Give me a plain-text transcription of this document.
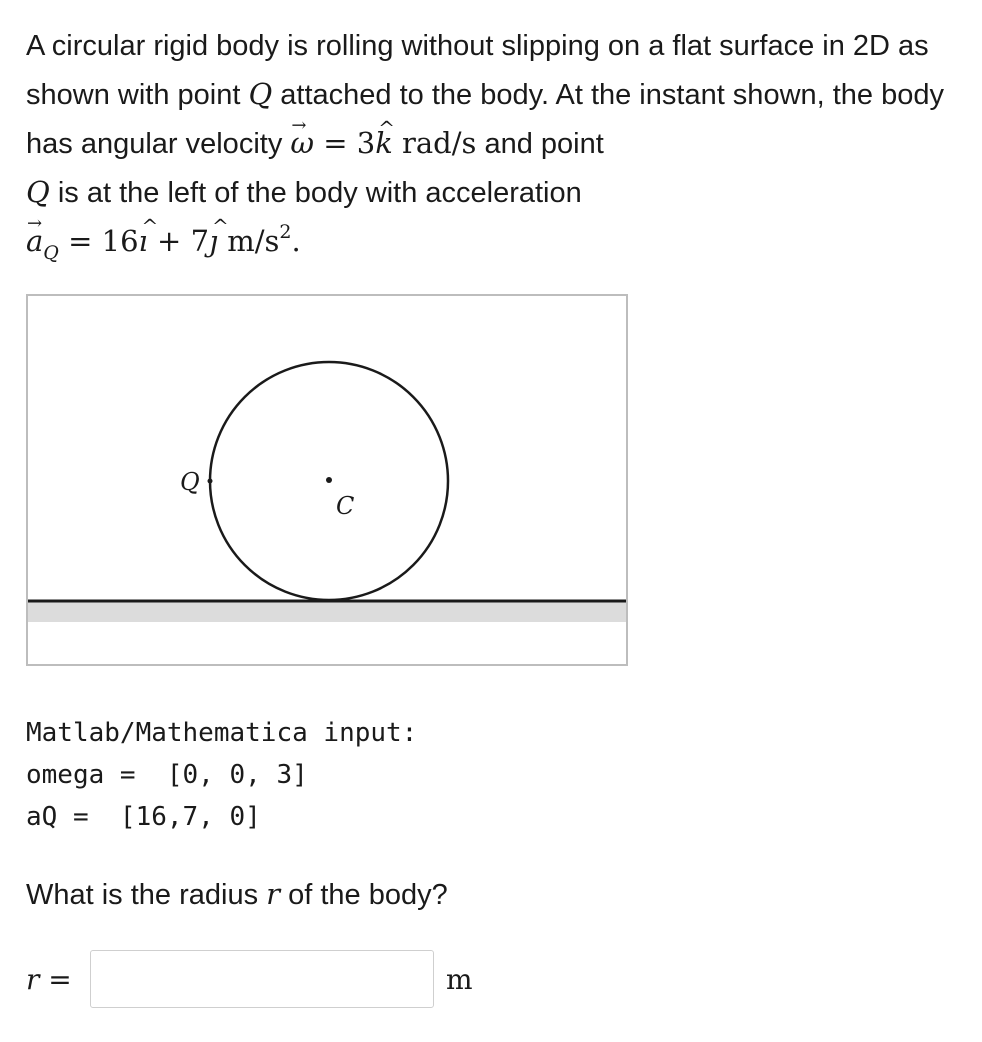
A circular rigid body is rolling without slipping on a flat surface in 2D as shown with point Q attached to the body. At the instant shown, the body has angular velocity → ω = 3^ k rad/s and point
Q is at the left of the body with acceleration
→ $a_Q$ = 16^ ı + 7^ ȷ $m/s^2$.
Q
C
Matlab/Mathematica input:
omega =  [0, 0, 3]
aQ =  [16,7, 0]
What is the radius r of the body?
r =	m
